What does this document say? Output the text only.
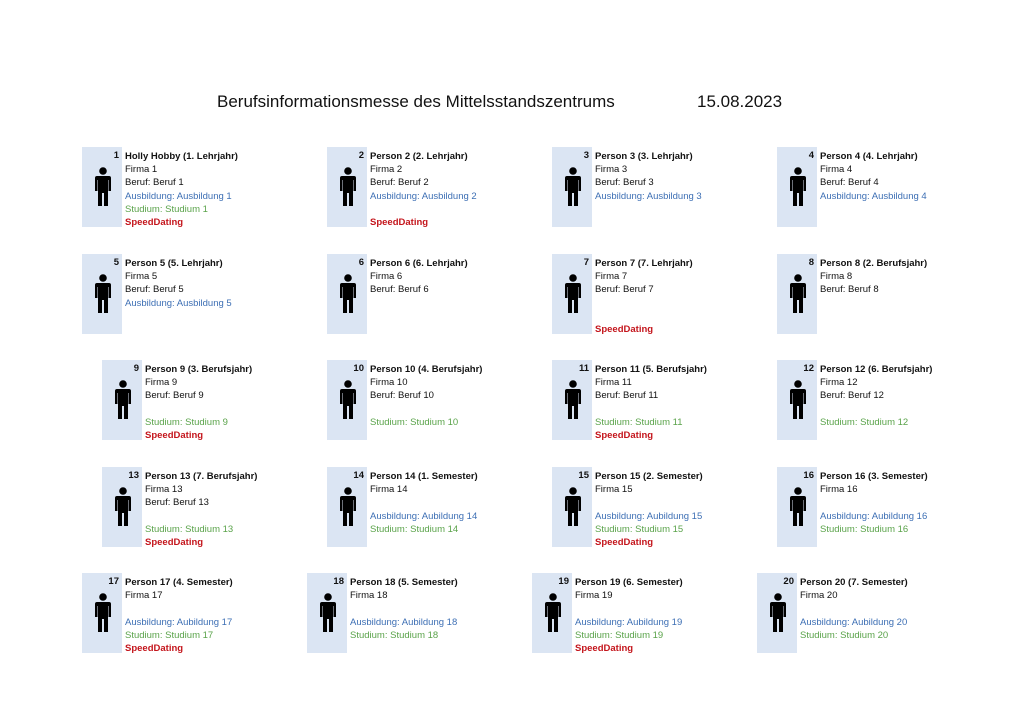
Berufsinformationsmesse des Mittelsstandszentrums	15.08.2023
1 Holly Hobby (1. Lehrjahr)
Firma 1
Beruf: Beruf 1
Ausbildung: Ausbildung 1
Studium: Studium 1
SpeedDating
2 Person 2 (2. Lehrjahr)
Firma 2
Beruf: Beruf 2
Ausbildung: Ausbildung 2
SpeedDating
3 Person 3 (3. Lehrjahr)
Firma 3
Beruf: Beruf 3
Ausbildung: Ausbildung 3
4 Person 4 (4. Lehrjahr)
Firma 4
Beruf: Beruf 4
Ausbildung: Ausbildung 4
5 Person 5 (5. Lehrjahr)
Firma 5
Beruf: Beruf 5
Ausbildung: Ausbildung 5
6 Person 6 (6. Lehrjahr)
Firma 6
Beruf: Beruf 6
7 Person 7 (7. Lehrjahr)
Firma 7
Beruf: Beruf 7
SpeedDating
8 Person 8 (2. Berufsjahr)
Firma 8
Beruf: Beruf 8
9 Person 9 (3. Berufsjahr)
Firma 9
Beruf: Beruf 9
Studium: Studium 9
SpeedDating
10 Person 10 (4. Berufsjahr)
Firma 10
Beruf: Beruf 10
Studium: Studium 10
11 Person 11 (5. Berufsjahr)
Firma 11
Beruf: Beruf 11
Studium: Studium 11
SpeedDating
12 Person 12 (6. Berufsjahr)
Firma 12
Beruf: Beruf 12
Studium: Studium 12
13 Person 13 (7. Berufsjahr)
Firma 13
Beruf: Beruf 13
Studium: Studium 13
SpeedDating
14 Person 14 (1. Semester)
Firma 14
Ausbildung: Aubildung 14
Studium: Studium 14
15 Person 15 (2. Semester)
Firma 15
Ausbildung: Aubildung 15
Studium: Studium 15
SpeedDating
16 Person 16 (3. Semester)
Firma 16
Ausbildung: Aubildung 16
Studium: Studium 16
17 Person 17 (4. Semester)
Firma 17
Ausbildung: Aubildung 17
Studium: Studium 17
SpeedDating
18 Person 18 (5. Semester)
Firma 18
Ausbildung: Aubildung 18
Studium: Studium 18
19 Person 19 (6. Semester)
Firma 19
Ausbildung: Aubildung 19
Studium: Studium 19
SpeedDating
20 Person 20 (7. Semester)
Firma 20
Ausbildung: Aubildung 20
Studium: Studium 20
